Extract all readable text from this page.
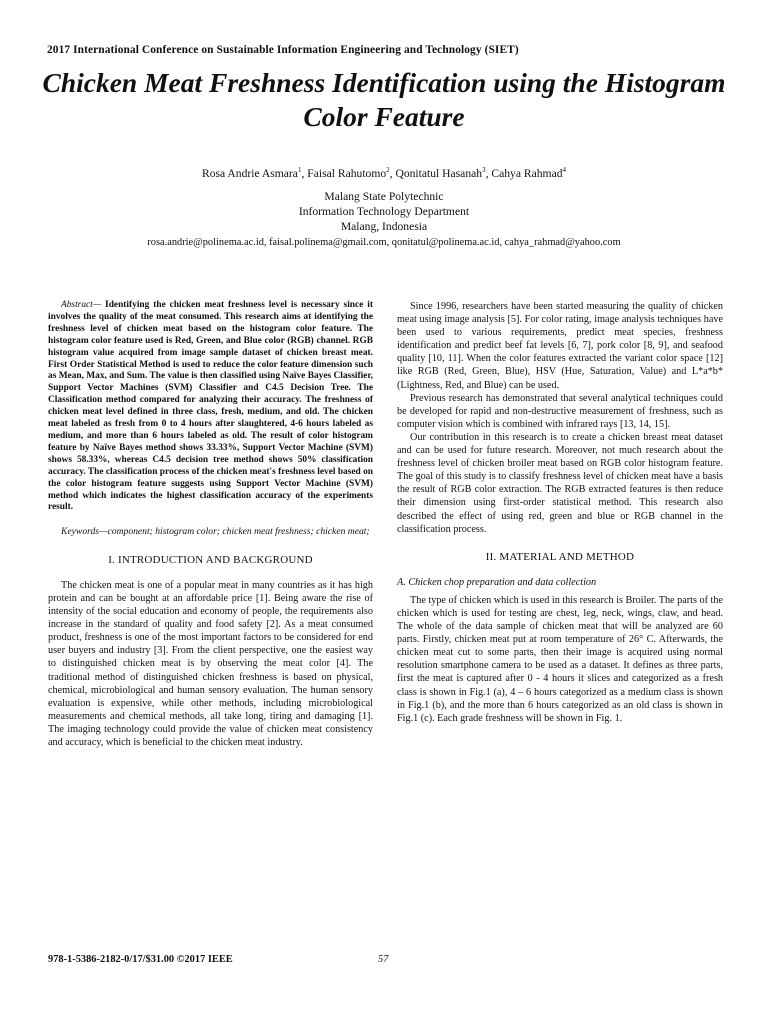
2017 International Conference on Sustainable Information Engineering and Technology (SIET)
Chicken Meat Freshness Identification using the Histogram Color Feature
Rosa Andrie Asmara$^1$, Faisal Rahutomo$^2$, Qonitatul Hasanah$^3$, Cahya Rahmad$^4$
Malang State Polytechnic
Information Technology Department
Malang, Indonesia
rosa.andrie@polinema.ac.id, faisal.polinema@gmail.com, qonitatul@polinema.ac.id, cahya_rahmad@yahoo.com

Abstract— Identifying the chicken meat freshness level is necessary since it involves the quality of the meat consumed. This research aims at identifying the freshness level of chicken meat based on the histogram color feature. The histogram color feature used is Red, Green, and Blue color (RGB) channel. RGB histogram value acquired from image sample dataset of chicken breast meat. First Order Statistical Method is used to reduce the color feature dimension such as Mean, Max, and Sum. The value is then classified using Naïve Bayes Classifier, Support Vector Machines (SVM) Classifier and C4.5 Decision Tree. The Classification method compared for analyzing their accuracy. The freshness of chicken meat level defined in three class, fresh, medium, and old. The chicken meat labeled as fresh from 0 to 4 hours after slaughtered, 4-6 hours labeled as medium, and more than 6 hours labeled as old. The result of color histogram feature by Naïve Bayes method shows 33.33%, Support Vector Machine (SVM) shows 58.33%, whereas C4.5 decision tree method shows 50% classification accuracy. The classification process of the chicken meat's freshness level based on the color histogram feature suggests using Support Vector Machine (SVM) method which indicates the highest classification accuracy of the experiments result.

Keywords—component; histogram color; chicken meat freshness; chicken meat;

I. INTRODUCTION AND BACKGROUND

The chicken meat is one of a popular meat in many countries as it has high protein and can be bought at an affordable price [1]. Being aware the rise of intensity of the social education and economy of people, the requirements also increase in the standard of quality and food safety [2]. As a meat consumed product, freshness is one of the most important factors to be considered for end user buyers and industry [3]. From the client perspective, one the easiest way to distinguished chicken meat is by observing the meat color [4]. The traditional method of distinguished chicken freshness is based on physical, chemical, microbiological and human sensory evaluation. The human sensory evaluation is expensive, while other methods, including microbiological measurements and chemical methods, all take long, tiring and damaging [1]. The imaging technology could provide the value of chicken meat consistency and accuracy, which is beneficial to the chicken meat industry.

Since 1996, researchers have been started measuring the quality of chicken meat using image analysis [5]. For color rating, image analysis techniques have been used to various requirements, predict meat species, freshness identification and predict beef fat levels [6, 7], pork color [8, 9], and seafood quality [10, 11]. When the color features extracted the variant color space [12] like RGB (Red, Green, Blue), HSV (Hue, Saturation, Value) and L*a*b* (Lightness, Red, and Blue) can be used.

Previous research has demonstrated that several analytical techniques could be developed for rapid and non-destructive measurement of freshness, such as computer vision which is combined with infrared rays [13, 14, 15].

Our contribution in this research is to create a chicken breast meat dataset and can be used for future research. Moreover, not much research about the freshness level of chicken broiler meat based on RGB color histogram feature. The goal of this study is to classify freshness level of chicken meat have a basis the result of RGB color extraction. The RGB extracted features is then reduce their dimension using first-order statistical method. This research also described the effect of using red, green and blue or RGB channel in the classification process.

II. MATERIAL AND METHOD
A. Chicken chop preparation and data collection

The type of chicken which is used in this research is Broiler. The parts of the chicken which is used for testing are chest, leg, neck, wings, claw, and head. The whole of the data sample of chicken meat that will be analyzed are 60 parts. Firstly, chicken meat put at room temperature of 26° C. Afterwards, the chicken meat cut to some parts, then their image is acquired using normal resolution smartphone camera to be used as a dataset. It defines as three parts, first the meat is captured after 0 - 4 hours it slices and categorized as a fresh class is shown in Fig.1 (a), 4 – 6 hours categorized as a medium class is shown in Fig.1 (b), and the more than 6 hours categorized as an old class is shown in Fig.1 (c). Each grade freshness will be shown in Fig. 1.

978-1-5386-2182-0/17/$31.00 ©2017 IEEE	57
